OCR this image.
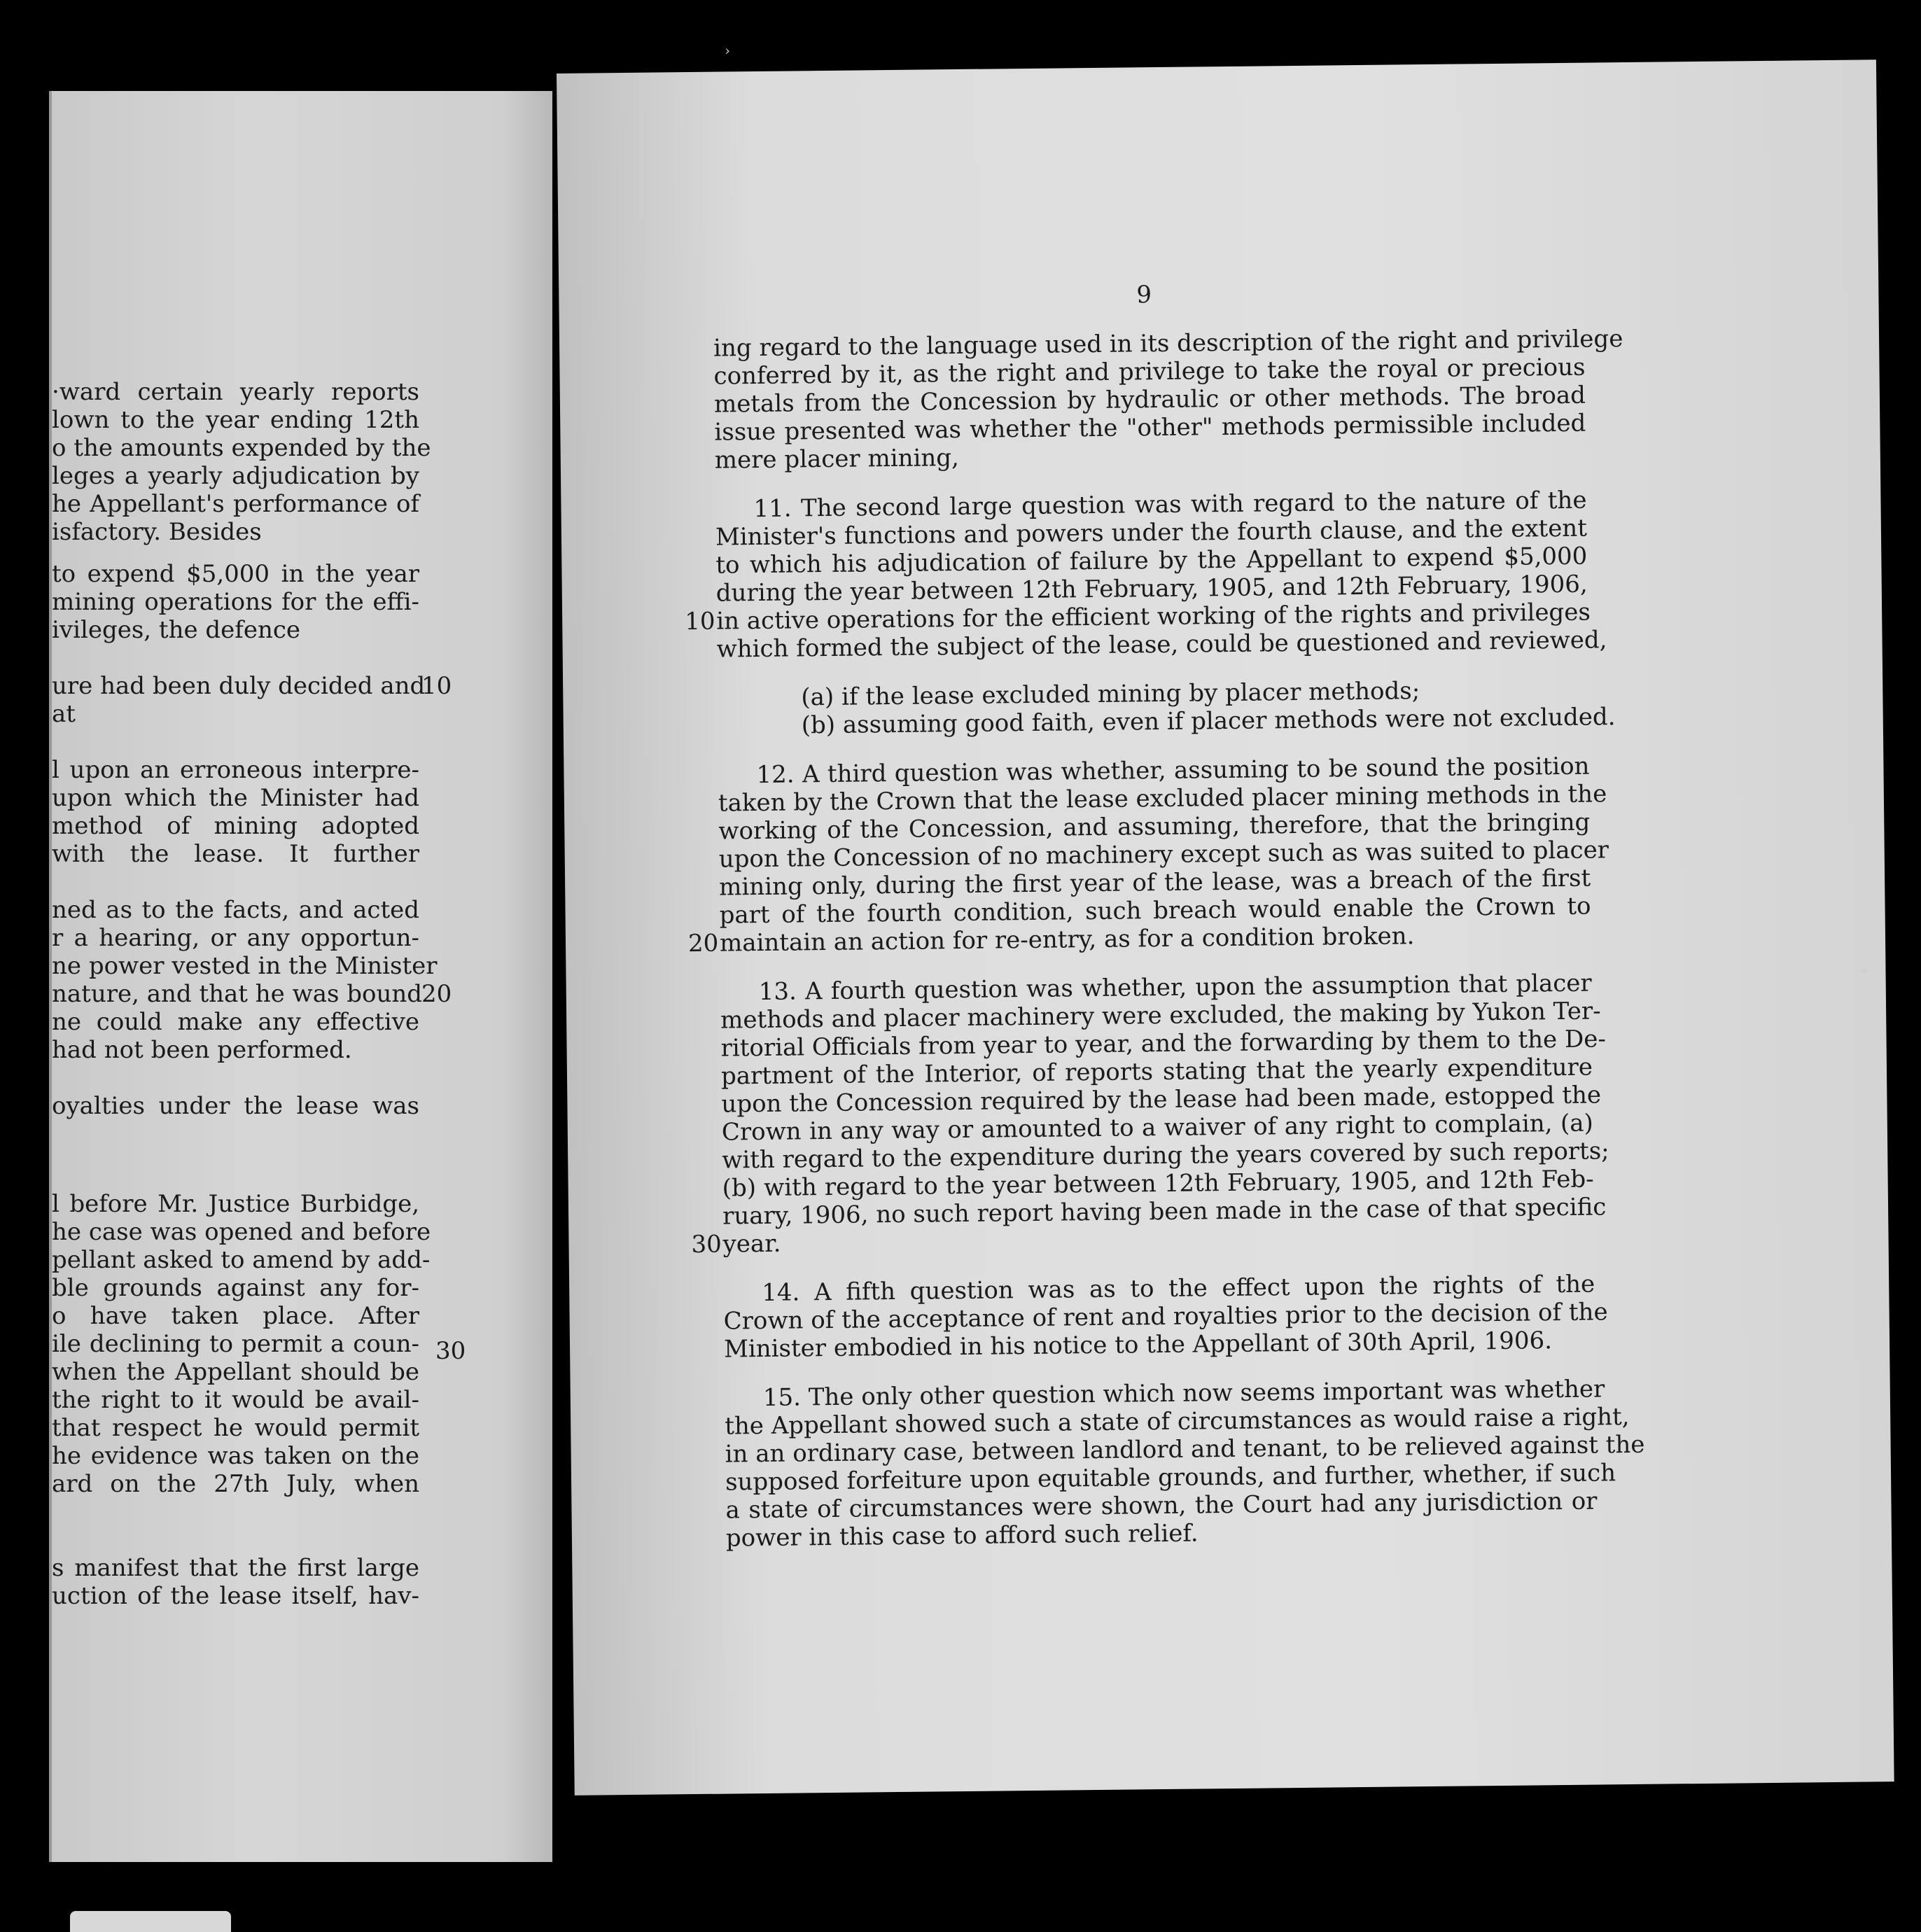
·ward certain yearly reports
lown to the year ending 12th
o the amounts expended by the
leges a yearly adjudication by
he Appellant's performance of
isfactory. Besides
to expend $5,000 in the year
mining operations for the effi-
ivileges, the defence
ure had been duly decided and
10
at
l upon an erroneous interpre-
upon which the Minister had
method of mining adopted
with the lease. It further
ned as to the facts, and acted
r a hearing, or any opportun-
ne power vested in the Minister
nature, and that he was bound
20
ne could make any effective
had not been performed.
oyalties under the lease was
l before Mr. Justice Burbidge,
he case was opened and before
pellant asked to amend by add-
ble grounds against any for-
o have taken place. After
ile declining to permit a coun- 30
when the Appellant should be
the right to it would be avail-
that respect he would permit
he evidence was taken on the
ard on the 27th July, when
s manifest that the first large
uction of the lease itself, hav-
9
ing regard to the language used in its description of the right and privilege
conferred by it, as the right and privilege to take the royal or precious
metals from the Concession by hydraulic or other methods. The broad
issue presented was whether the "other" methods permissible included
mere placer mining,
11. The second large question was with regard to the nature of the
Minister's functions and powers under the fourth clause, and the extent
to which his adjudication of failure by the Appellant to expend $5,000
during the year between 12th February, 1905, and 12th February, 1906,
10 in active operations for the efficient working of the rights and privileges
which formed the subject of the lease, could be questioned and reviewed,
(a) if the lease excluded mining by placer methods;
(b) assuming good faith, even if placer methods were not excluded.
12. A third question was whether, assuming to be sound the position
taken by the Crown that the lease excluded placer mining methods in the
working of the Concession, and assuming, therefore, that the bringing
upon the Concession of no machinery except such as was suited to placer
mining only, during the first year of the lease, was a breach of the first
part of the fourth condition, such breach would enable the Crown to
20 maintain an action for re-entry, as for a condition broken.
13. A fourth question was whether, upon the assumption that placer
methods and placer machinery were excluded, the making by Yukon Ter-
ritorial Officials from year to year, and the forwarding by them to the De-
partment of the Interior, of reports stating that the yearly expenditure
upon the Concession required by the lease had been made, estopped the
Crown in any way or amounted to a waiver of any right to complain, (a)
with regard to the expenditure during the years covered by such reports;
(b) with regard to the year between 12th February, 1905, and 12th Feb-
ruary, 1906, no such report having been made in the case of that specific
30 year.
14. A fifth question was as to the effect upon the rights of the
Crown of the acceptance of rent and royalties prior to the decision of the
Minister embodied in his notice to the Appellant of 30th April, 1906.
15. The only other question which now seems important was whether
the Appellant showed such a state of circumstances as would raise a right,
in an ordinary case, between landlord and tenant, to be relieved against the
supposed forfeiture upon equitable grounds, and further, whether, if such
a state of circumstances were shown, the Court had any jurisdiction or
power in this case to afford such relief.
›
✦
